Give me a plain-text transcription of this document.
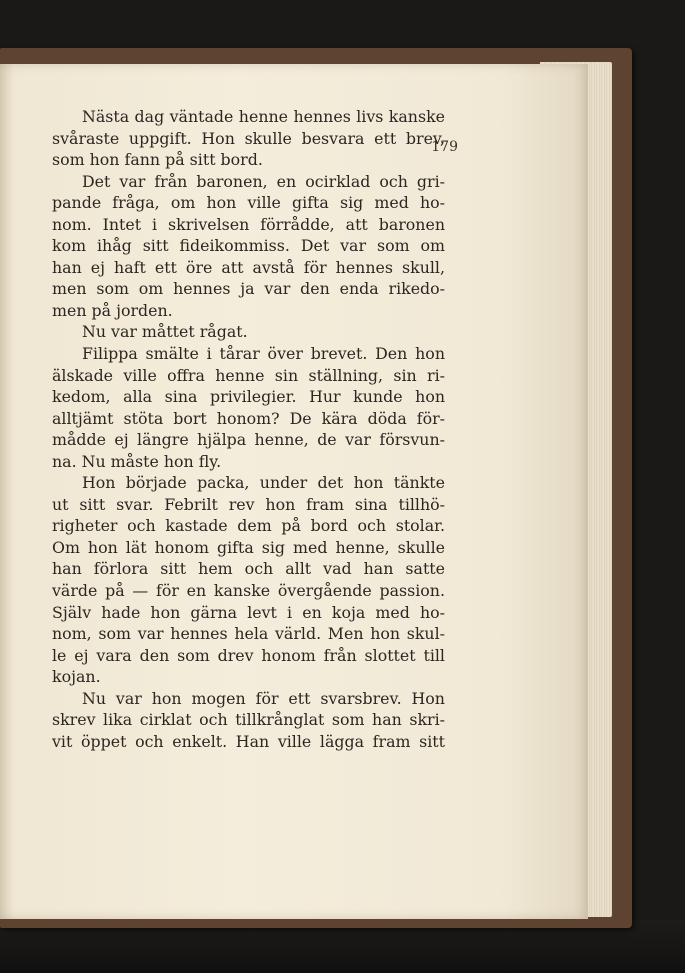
179
Nästa dag väntade henne hennes livs kanske
svåraste uppgift. Hon skulle besvara ett brev,
som hon fann på sitt bord.
Det var från baronen, en ocirklad och gri-
pande fråga, om hon ville gifta sig med ho-
nom. Intet i skrivelsen förrådde, att baronen
kom ihåg sitt fideikommiss. Det var som om
han ej haft ett öre att avstå för hennes skull,
men som om hennes ja var den enda rikedo-
men på jorden.
Nu var måttet rågat.
Filippa smälte i tårar över brevet. Den hon
älskade ville offra henne sin ställning, sin ri-
kedom, alla sina privilegier. Hur kunde hon
alltjämt stöta bort honom? De kära döda för-
mådde ej längre hjälpa henne, de var försvun-
na. Nu måste hon fly.
Hon började packa, under det hon tänkte
ut sitt svar. Febrilt rev hon fram sina tillhö-
righeter och kastade dem på bord och stolar.
Om hon lät honom gifta sig med henne, skulle
han förlora sitt hem och allt vad han satte
värde på — för en kanske övergående passion.
Själv hade hon gärna levt i en koja med ho-
nom, som var hennes hela värld. Men hon skul-
le ej vara den som drev honom från slottet till
kojan.
Nu var hon mogen för ett svarsbrev. Hon
skrev lika cirklat och tillkrånglat som han skri-
vit öppet och enkelt. Han ville lägga fram sitt
